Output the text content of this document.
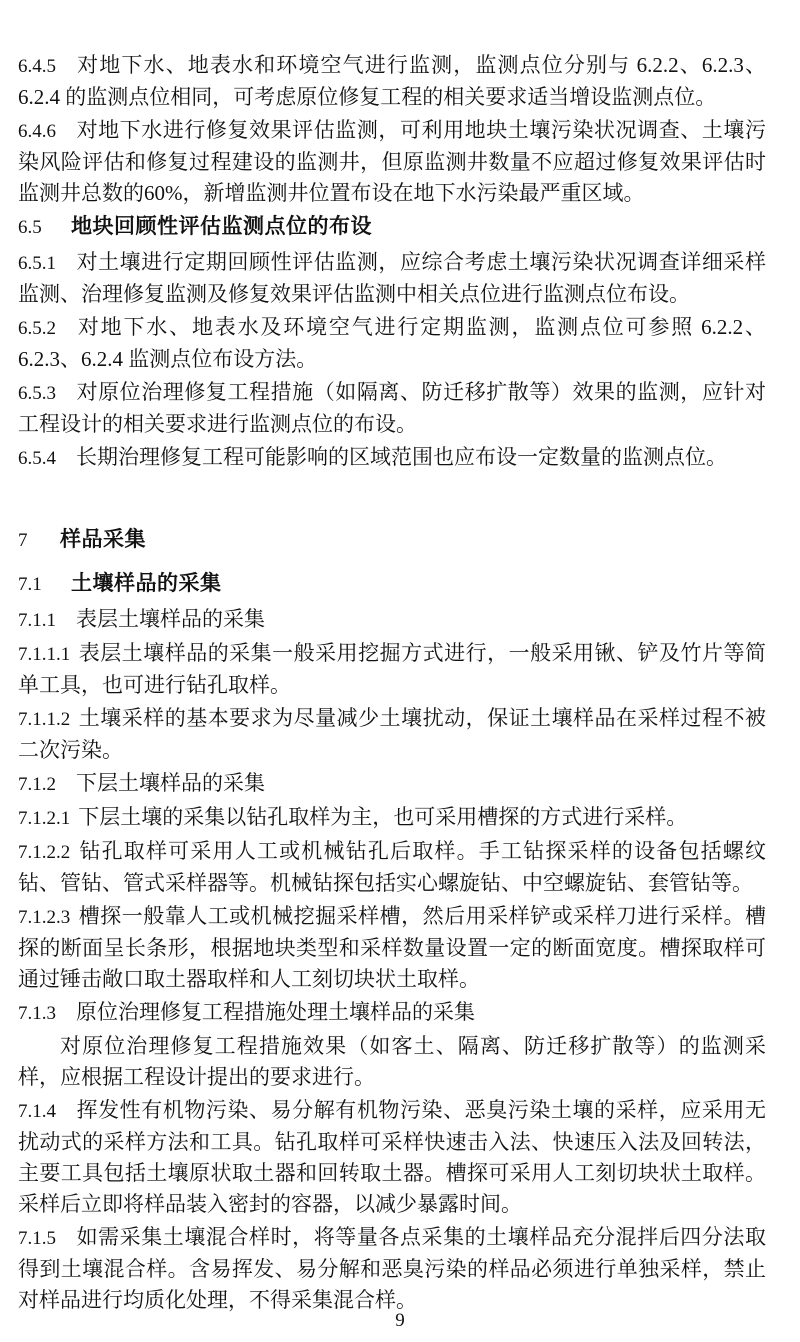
6.4.5 对地下水、地表水和环境空气进行监测，监测点位分别与 6.2.2、6.2.3、6.2.4 的监测点位相同，可考虑原位修复工程的相关要求适当增设监测点位。

6.4.6 对地下水进行修复效果评估监测，可利用地块土壤污染状况调查、土壤污染风险评估和修复过程建设的监测井，但原监测井数量不应超过修复效果评估时监测井总数的60%，新增监测井位置布设在地下水污染最严重区域。

6.5 地块回顾性评估监测点位的布设

6.5.1 对土壤进行定期回顾性评估监测，应综合考虑土壤污染状况调查详细采样监测、治理修复监测及修复效果评估监测中相关点位进行监测点位布设。

6.5.2 对地下水、地表水及环境空气进行定期监测，监测点位可参照 6.2.2、6.2.3、6.2.4 监测点位布设方法。

6.5.3 对原位治理修复工程措施（如隔离、防迁移扩散等）效果的监测，应针对工程设计的相关要求进行监测点位的布设。

6.5.4 长期治理修复工程可能影响的区域范围也应布设一定数量的监测点位。

7 样品采集

7.1 土壤样品的采集

7.1.1 表层土壤样品的采集

7.1.1.1 表层土壤样品的采集一般采用挖掘方式进行，一般采用锹、铲及竹片等简单工具，也可进行钻孔取样。

7.1.1.2 土壤采样的基本要求为尽量减少土壤扰动，保证土壤样品在采样过程不被二次污染。

7.1.2 下层土壤样品的采集

7.1.2.1 下层土壤的采集以钻孔取样为主，也可采用槽探的方式进行采样。

7.1.2.2 钻孔取样可采用人工或机械钻孔后取样。手工钻探采样的设备包括螺纹钻、管钻、管式采样器等。机械钻探包括实心螺旋钻、中空螺旋钻、套管钻等。

7.1.2.3 槽探一般靠人工或机械挖掘采样槽，然后用采样铲或采样刀进行采样。槽探的断面呈长条形，根据地块类型和采样数量设置一定的断面宽度。槽探取样可通过锤击敞口取土器取样和人工刻切块状土取样。

7.1.3 原位治理修复工程措施处理土壤样品的采集

对原位治理修复工程措施效果（如客土、隔离、防迁移扩散等）的监测采样，应根据工程设计提出的要求进行。

7.1.4 挥发性有机物污染、易分解有机物污染、恶臭污染土壤的采样，应采用无扰动式的采样方法和工具。钻孔取样可采样快速击入法、快速压入法及回转法，主要工具包括土壤原状取土器和回转取土器。槽探可采用人工刻切块状土取样。采样后立即将样品装入密封的容器，以减少暴露时间。

7.1.5 如需采集土壤混合样时，将等量各点采集的土壤样品充分混拌后四分法取得到土壤混合样。含易挥发、易分解和恶臭污染的样品必须进行单独采样，禁止对样品进行均质化处理，不得采集混合样。

9
